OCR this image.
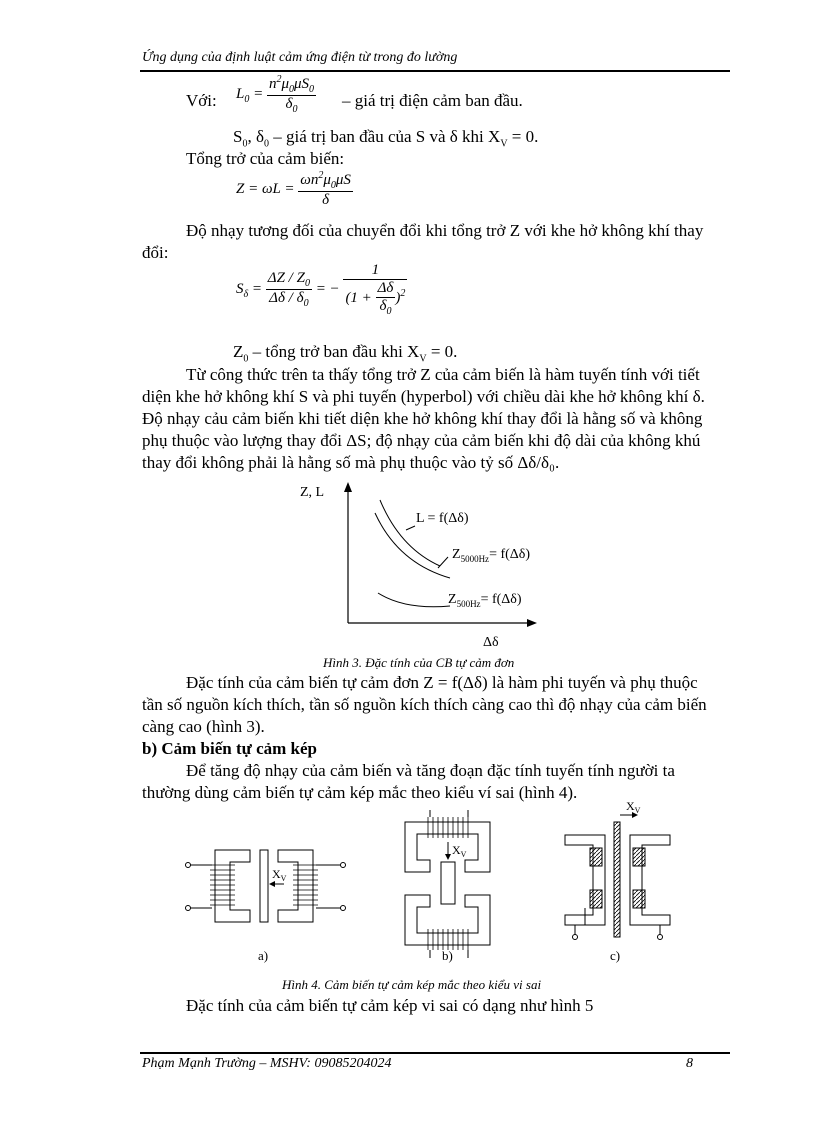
Ứng dụng của định luật cảm ứng điện từ trong đo lường
Với: $L_0 = \frac{n^2\mu_0\mu S_0}{\delta_0}$ – giá trị điện cảm ban đầu.
$S_0$, $\delta_0$ – giá trị ban đầu của S và δ khi $X_V = 0$.
Tổng trở của cảm biến:
$Z = \omega L = \frac{\omega n^2\mu_0\mu S}{\delta}$
Độ nhạy tương đối của chuyển đổi khi tổng trở Z với khe hở không khí thay
đổi:
$S_\delta = \frac{\Delta Z / Z_0}{\Delta\delta / \delta_0}$ = − $\frac{1}{(1 + \frac{\Delta\delta}{\delta_0} )^2}$
$Z_0$ – tổng trở ban đầu khi $X_V = 0$.
Từ công thức trên ta thấy tổng trở Z của cảm biến là hàm tuyến tính với tiết
diện khe hở không khí S và phi tuyến (hyperbol) với chiều dài khe hở không khí δ.
Độ nhạy cảu cảm biến khi tiết diện khe hở không khí thay đổi là hằng số và không
phụ thuộc vào lượng thay đổi ΔS; độ nhạy của cảm biến khi độ dài của không khú
thay đổi không phải là hằng số mà phụ thuộc vào tỷ số Δδ/δ₀.
Z, L
Δδ
L = f(Δδ)
$Z_{5000Hz}= f(\Delta\delta)$
$Z_{500Hz}= f(\Delta\delta)$
Hình 3. Đặc tính của CB tự cảm đơn
Đặc tính của cảm biến tự cảm đơn Z = f(Δδ) là hàm phi tuyến và phụ thuộc
tần số nguồn kích thích, tần số nguồn kích thích càng cao thì độ nhạy của cảm biến
càng cao (hình 3).
b) Cảm biến tự cảm kép
Để tăng độ nhạy của cảm biến và tăng đoạn đặc tính tuyến tính người ta
thường dùng cảm biến tự cảm kép mắc theo kiểu ví sai (hình 4).
$X_V$
a)
$X_V$
b)
$X_V$
c)
Hình 4. Cảm biến tự cảm kép mắc theo kiểu vi sai
Đặc tính của cảm biến tự cảm kép vi sai có dạng như hình 5
Phạm Mạnh Trường – MSHV: 09085204024	8
